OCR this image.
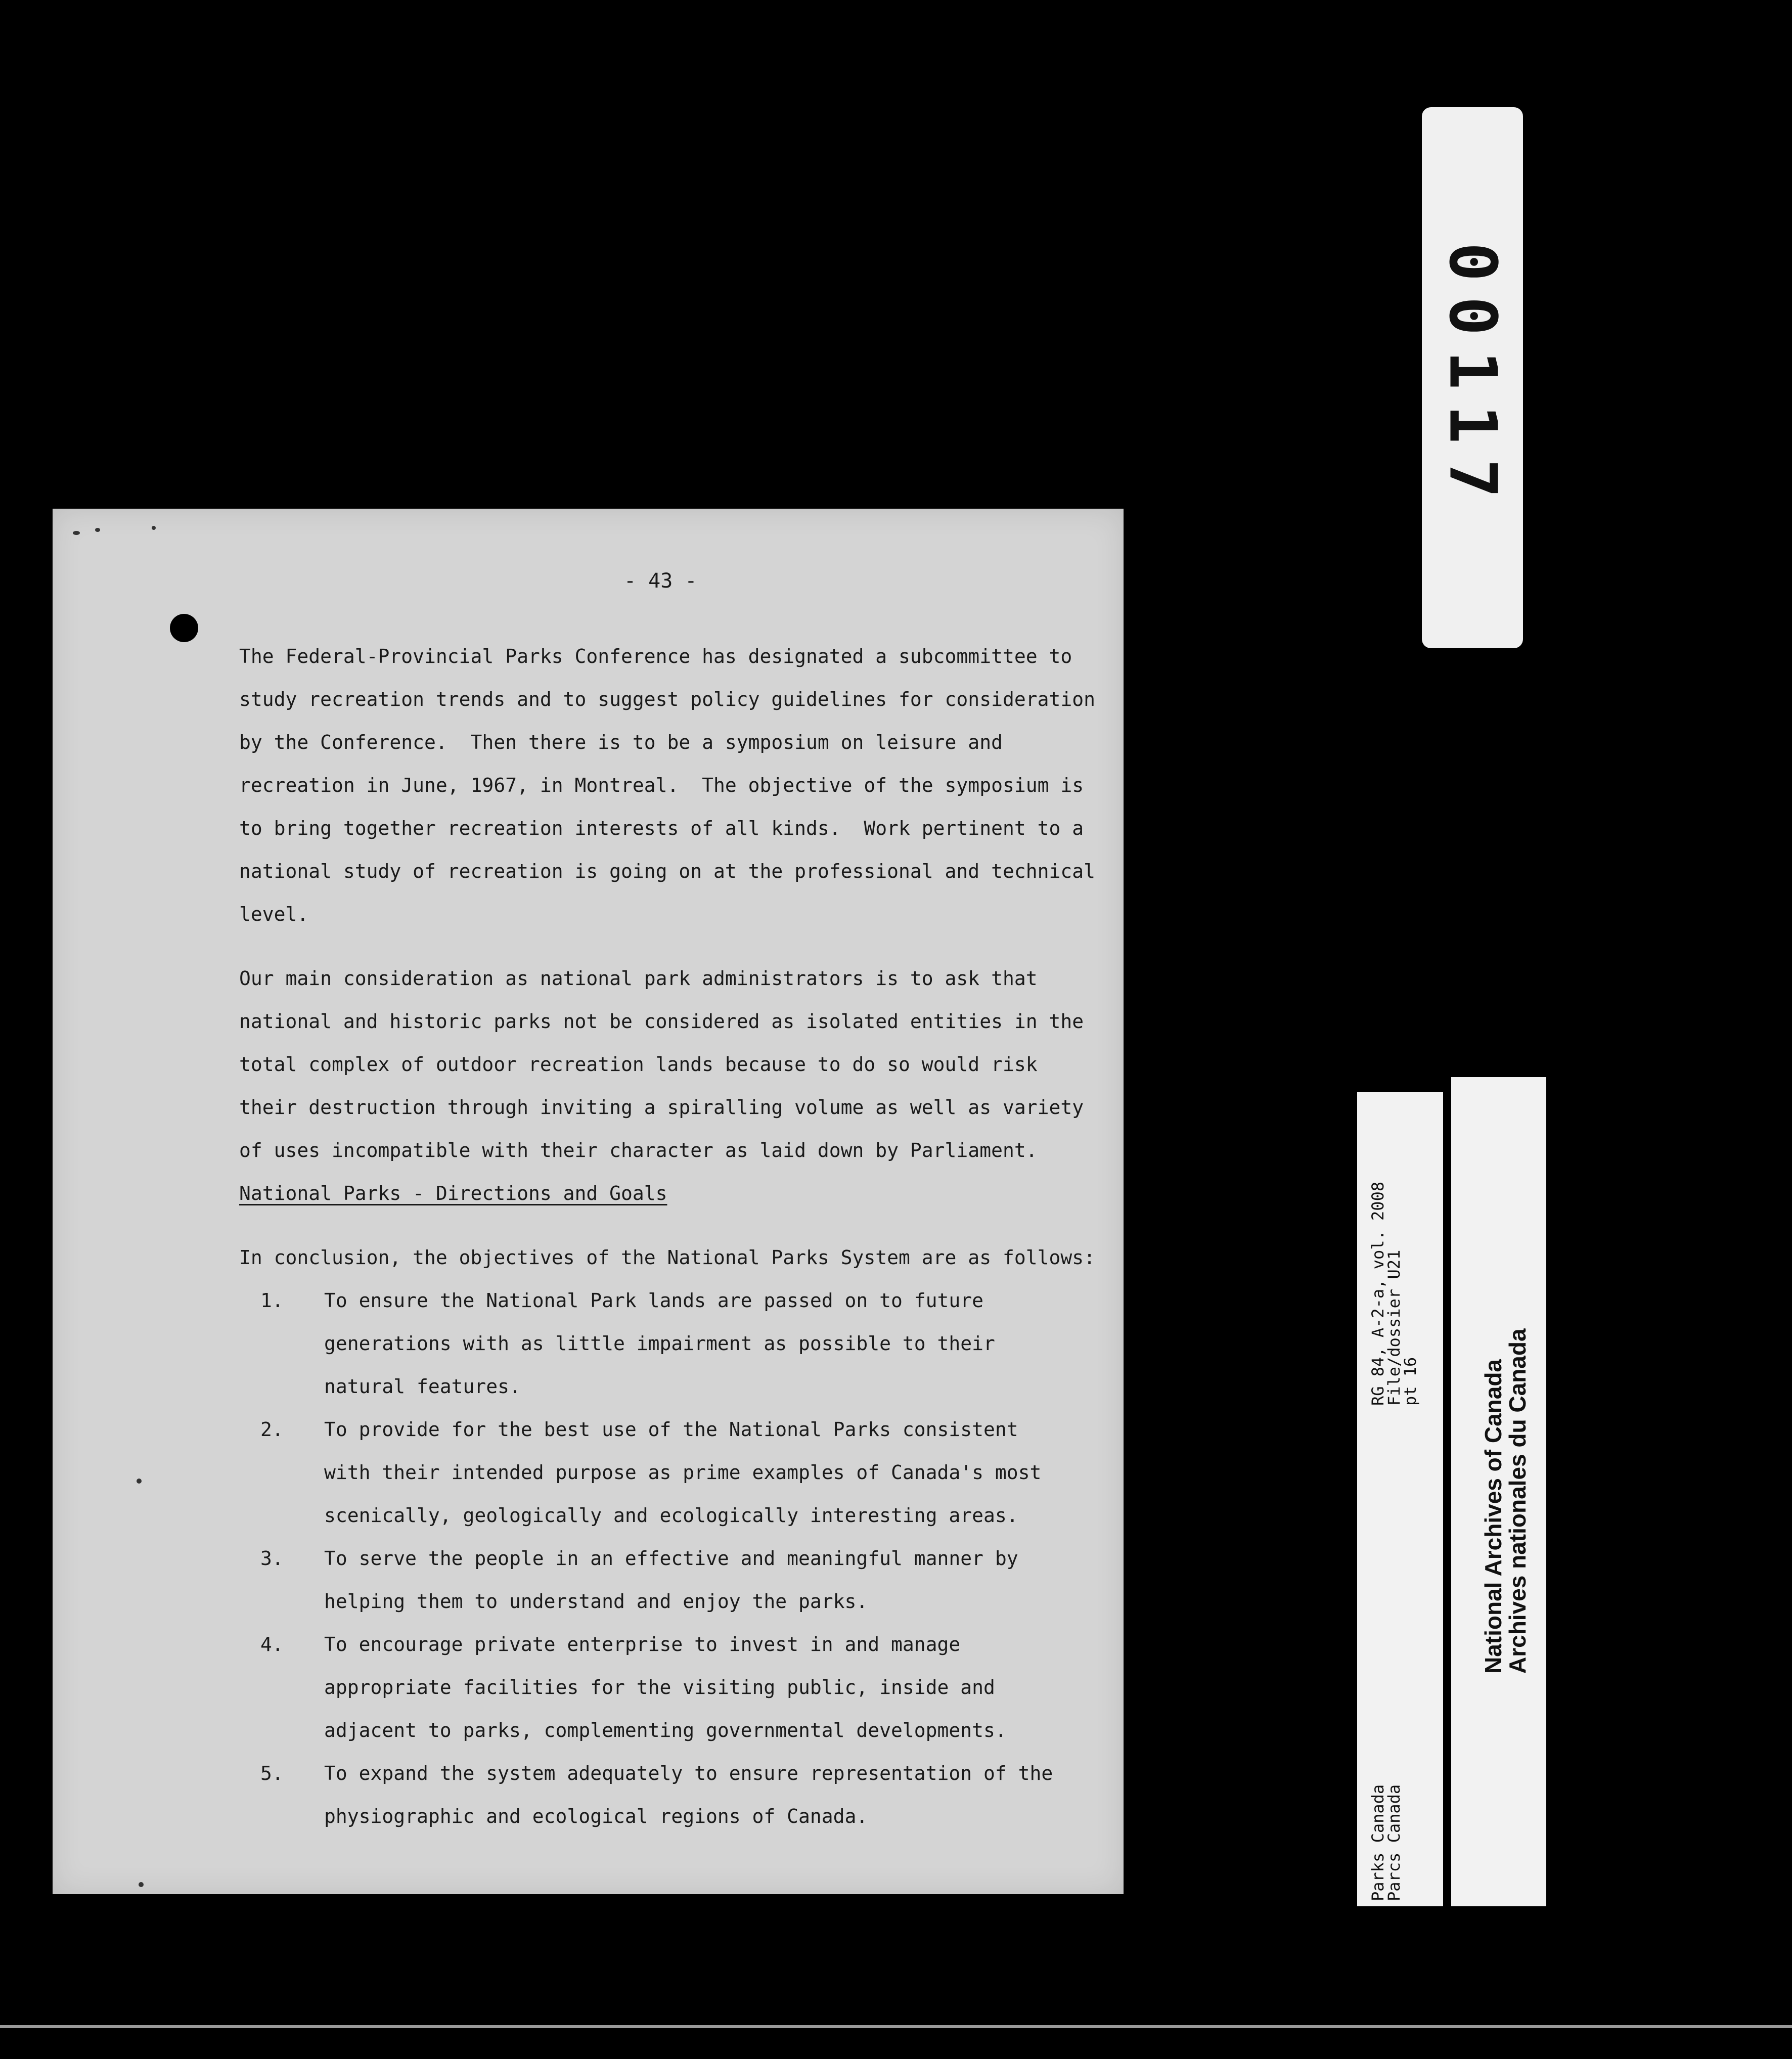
- 43 -

The Federal-Provincial Parks Conference has designated a subcommittee to

study recreation trends and to suggest policy guidelines for consideration

by the Conference.  Then there is to be a symposium on leisure and

recreation in June, 1967, in Montreal.  The objective of the symposium is

to bring together recreation interests of all kinds.  Work pertinent to a

national study of recreation is going on at the professional and technical

level.

Our main consideration as national park administrators is to ask that

national and historic parks not be considered as isolated entities in the

total complex of outdoor recreation lands because to do so would risk

their destruction through inviting a spiralling volume as well as variety

of uses incompatible with their character as laid down by Parliament.

National Parks - Directions and Goals

In conclusion, the objectives of the National Parks System are as follows:

1. To ensure the National Park lands are passed on to future

generations with as little impairment as possible to their

natural features.

2. To provide for the best use of the National Parks consistent

with their intended purpose as prime examples of Canada's most

scenically, geologically and ecologically interesting areas.

3. To serve the people in an effective and meaningful manner by

helping them to understand and enjoy the parks.

4. To encourage private enterprise to invest in and manage

appropriate facilities for the visiting public, inside and

adjacent to parks, complementing governmental developments.

5. To expand the system adequately to ensure representation of the

physiographic and ecological regions of Canada.

00117
RG 84, A-2-a, vol. 2008
File/dossier U21
pt 16
Parks Canada
Parcs Canada
National Archives of Canada
Archives nationales du Canada
